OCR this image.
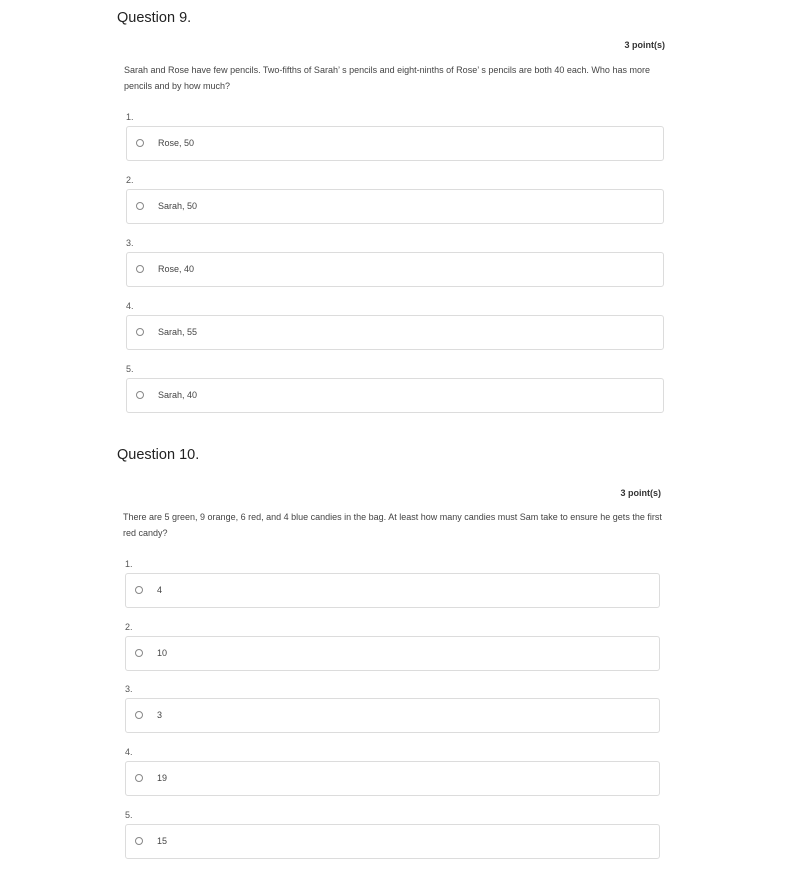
Question 9.
3 point(s)
Sarah and Rose have few pencils. Two-fifths of Sarah’ s pencils and eight-ninths of Rose’ s pencils are both 40 each. Who has more pencils and by how much?
1.
Rose, 50
2.
Sarah, 50
3.
Rose, 40
4.
Sarah, 55
5.
Sarah, 40
Question 10.
3 point(s)
There are 5 green, 9 orange, 6 red, and 4 blue candies in the bag. At least how many candies must Sam take to ensure he gets the first red candy?
1.
4
2.
10
3.
3
4.
19
5.
15
